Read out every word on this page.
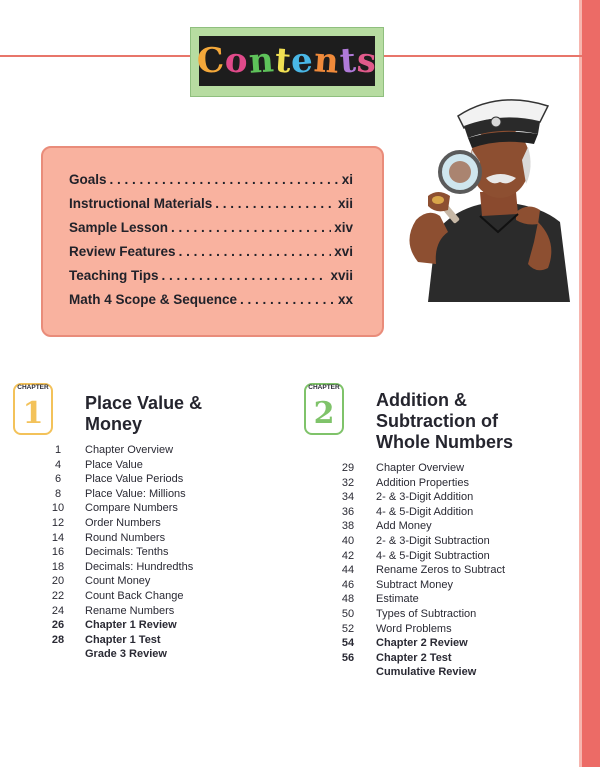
C
o
n
t
e
n
t
s
Goals . . .	xi
Instructional Materials . . .	xii
Sample Lesson . . .	xiv
Review Features . . .	xvi
Teaching Tips . . .	xvii
Math 4 Scope & Sequence . . .	xx
CHAPTER
1	Place Value &
Money
1	Chapter Overview
4	Place Value
6	Place Value Periods
8	Place Value: Millions
10	Compare Numbers
12	Order Numbers
14	Round Numbers
16	Decimals: Tenths
18	Decimals: Hundredths
20	Count Money
22	Count Back Change
24	Rename Numbers
26	Chapter 1 Review
28	Chapter 1 Test
Grade 3 Review
CHAPTER
2	Addition &
Subtraction of
Whole Numbers
29	Chapter Overview
32	Addition Properties
34	2- & 3-Digit Addition
36	4- & 5-Digit Addition
38	Add Money
40	2- & 3-Digit Subtraction
42	4- & 5-Digit Subtraction
44	Rename Zeros to Subtract
46	Subtract Money
48	Estimate
50	Types of Subtraction
52	Word Problems
54	Chapter 2 Review
56	Chapter 2 Test
Cumulative Review
